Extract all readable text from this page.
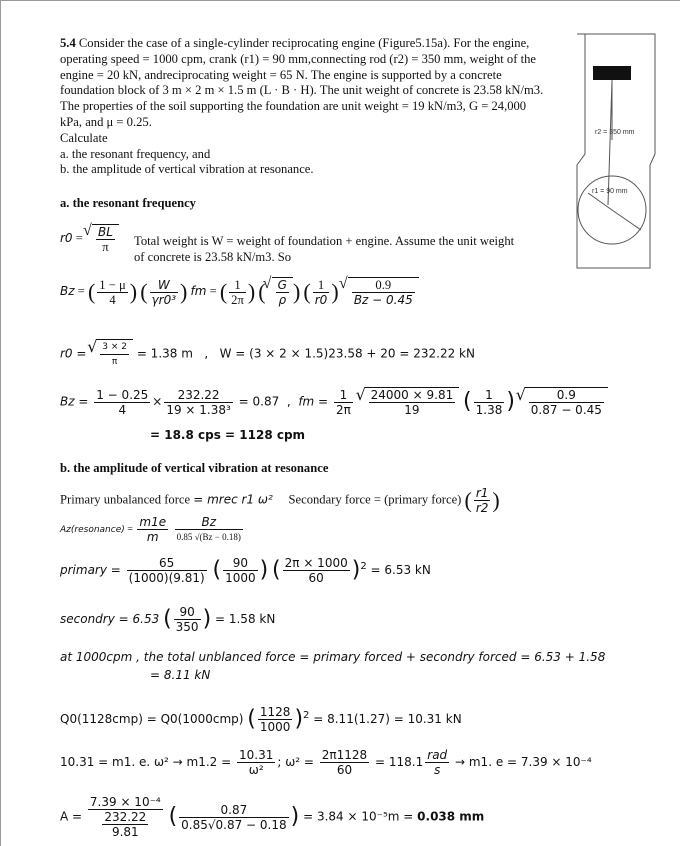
5.4 Consider the case of a single-cylinder reciprocating engine (Figure5.15a). For the engine, operating speed = 1000 cpm, crank (r1) = 90 mm,connecting rod (r2) = 350 mm, weight of the engine = 20 kN, andreciprocating weight = 65 N. The engine is supported by a concrete foundation block of 3 m × 2 m × 1.5 m (L · B · H). The unit weight of concrete is 23.58 kN/m3. The properties of the soil supporting the foundation are unit weight = 19 kN/m3, G = 24,000 kPa, and μ = 0.25.
Calculate
a. the resonant frequency, and
b. the amplitude of vertical vibration at resonance.
r2 = 350 mm
r1 = 90 mm
a. the resonant frequency
r0 = √ $\frac{BL}{\pi}$ Total weight is W = weight of foundation + engine. Assume the unit weight
of concrete is 23.58 kN/m3. So
Bz = ( $\frac{1 - \mu}{4}$ ) ( $\frac{W}{\text{γr0³}}$ ) fm = ( $\frac{1}{2\pi}$ ) ( √ $\frac{G}{\rho}$ ) ( $\frac{1}{r0}$ ) √ $\frac{0.9}{Bz - 0.45}$
r0 = √ $\frac{3 \times 2}{\pi} = 1.38$ m   ,   W = (3 × 2 × 1.5)23.58 + 20 = 232.22 kN
$Bz = \frac{1 - 0.25}{4} \times \frac{232.22}{\text{19 × 1.38³}} = 0.87$  ,  fm = $\frac{1}{2\pi}$
√ $\frac{24000 \times 9.81}{19}$ ( $\frac{1}{1.38}$ ) √ $\frac{0.9}{0.87 - 0.45}$
= 18.8 cps = 1128 cpm
b. the amplitude of vertical vibration at resonance
Primary unbalanced force = mrec r1 ω² Secondary force = (primary force) ( $\frac{r1}{r2}$ )
Az(resonance) = $\frac{m1e}{m}$
$\frac{Bz}{0.85 √(Bz - 0.18)}$
primary = $\frac{65}{(1000)(9.81)}$ ( $\frac{90}{1000}$ ) ( $\frac{2\pi \times 1000}{60} )^2 = 6.53$ kN
secondry = 6.53 ( $\frac{90}{350}$ ) = 1.58 kN
at 1000cpm , the total unblanced force = primary forced + secondry forced = 6.53 + 1.58
= 8.11 kN
Q0(1128cmp) = Q0(1000cmp) ( $\frac{1128}{1000} )^2 = 8.11(1.27) = 10.31$ kN
10.31 = m1. e. $\omega^2 \to m1.2 = \frac{10.31}{\text{ω²}}$ ; $\omega^2 = \frac{2\pi 1128}{60} = 118.1 \frac{\text{rad}}{s} \to m1$. e = 7.39 × 10⁻⁴
$A = \frac{\text{7.39 × 10⁻⁴}}{\frac{232.22}{9.81}}$ ( $\frac{0.87}{0.85√0.87 - 0.18}$ ) = 3.84 × 10⁻⁵m = 0.038 mm
